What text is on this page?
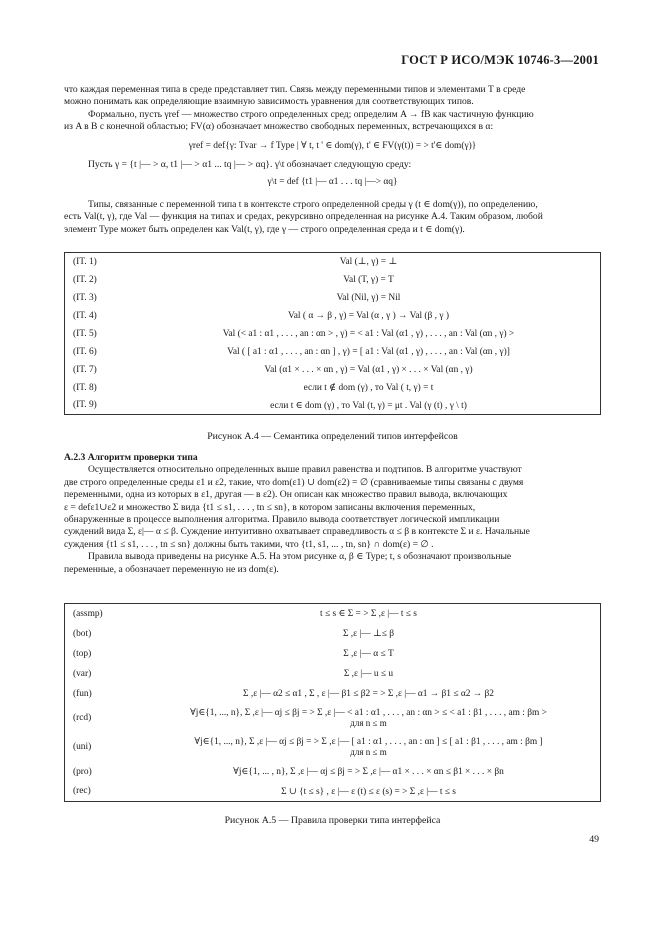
ГОСТ Р ИСО/МЭК 10746-3—2001

что каждая переменная типа в среде представляет тип. Связь между переменными типов и элементами T в среде

можно понимать как определяющие взаимную зависимость уравнения для соответствующих типов.

Формально, пусть γref — множество строго определенных сред; определим A → fB как частичную функцию

из A в B с конечной областью; FV(α) обозначает множество свободных переменных, встречающихся в α:

γref = def{γ: Tvar → f Type | ∀ t, t ' ∈ dom(γ), t' ∈ FV(γ(t)) = > t'∈ dom(γ)}

Пусть γ = {t |— > α, t1 |— > α1 ... tq |— > αq}. γ\t обозначает следующую среду:

γ\t = def {t1 |— α1 . . . tq |—> αq}

Типы, связанные с переменной типа t в контексте строго определенной среды γ (t ∈ dom(γ)), по определению,

есть Val(t, γ), где Val — функция на типах и средах, рекурсивно определенная на рисунке A.4. Таким образом, любой

элемент Type может быть определен как Val(t, γ), где γ — строго определенная среда и t ∈ dom(γ).

(IT. 1)	Val (⊥, γ) = ⊥

(IT. 2)	Val (T, γ) = T

(IT. 3)	Val (Nil, γ) = Nil

(IT. 4)	Val ( α → β , γ) = Val (α , γ ) → Val (β , γ )

(IT. 5)	Val (< a1 : α1 , . . . , an : αn > , γ) = < a1 : Val (α1 , γ) , . . . , an : Val (αn , γ) >

(IT. 6)	Val ( [ a1 : α1 , . . . , an : αn ] , γ) = [ a1 : Val (α1 , γ) , . . . , an : Val (αn , γ)]

(IT. 7)	Val (α1 × . . . × αn , γ) = Val (α1 , γ) × . . . × Val (αn , γ)

(IT. 8)	если t ∉ dom (γ) , то Val ( t, γ) = t

(IT. 9)	если t ∈ dom (γ) , то Val (t, γ) = μt . Val (γ (t) , γ \ t)
Рисунок A.4 — Семантика определений типов интерфейсов

A.2.3 Алгоритм проверки типа

Осуществляется относительно определенных выше правил равенства и подтипов. В алгоритме участвуют

две строго определенные среды ε1 и ε2, такие, что dom(ε1) ∪ dom(ε2) = ∅ (сравниваемые типы связаны с двумя

переменными, одна из которых в ε1, другая — в ε2). Он описан как множество правил вывода, включающих

ε = defε1∪ε2 и множество Σ вида {t1 ≤ s1, . . . , tn ≤ sn}, в котором записаны включения переменных,

обнаруженные в процессе выполнения алгоритма. Правило вывода соответствует логической импликации

суждений вида Σ, ε|— α ≤ β. Суждение интуитивно охватывает справедливость α ≤ β в контексте Σ и ε. Начальные

суждения {t1 ≤ s1, . . . , tn ≤ sn} должны быть такими, что {t1, s1, ... , tn, sn} ∩ dom(ε) = ∅ .

Правила вывода приведены на рисунке A.5. На этом рисунке α, β ∈ Type; t, s обозначают произвольные

переменные, а обозначает переменную не из dom(ε).

(assmp)	t ≤ s ∈ Σ = > Σ ,ε |— t ≤ s

(bot)	Σ ,ε |— ⊥≤ β

(top)	Σ ,ε |— α ≤ T

(var)	Σ ,ε |— u ≤ u

(fun)	Σ ,ε |— α2 ≤ α1 , Σ , ε |— β1 ≤ β2 = > Σ ,ε |— α1 → β1 ≤ α2 → β2

(rcd)	∀j∈{1, ..., n}, Σ ,ε |— αj ≤ βj = > Σ ,ε |— < a1 : α1 , . . . , an : αn > ≤ < a1 : β1 , . . . , am : βm >
для n ≤ m

(uni)	∀j∈{1, ..., n}, Σ ,ε |— αj ≤ βj = > Σ ,ε |— [ a1 : α1 , . . . , an : αn ] ≤ [ a1 : β1 , . . . , am : βm ]
для n ≤ m

(pro)	∀j∈{1, ... , n}, Σ ,ε |— αj ≤ βj = > Σ ,ε |— α1 × . . . × αn ≤ β1 × . . . × βn

(rec)	Σ ∪ {t ≤ s} , ε |— ε (t) ≤ ε (s) = > Σ ,ε |— t ≤ s
Рисунок A.5 — Правила проверки типа интерфейса
49
